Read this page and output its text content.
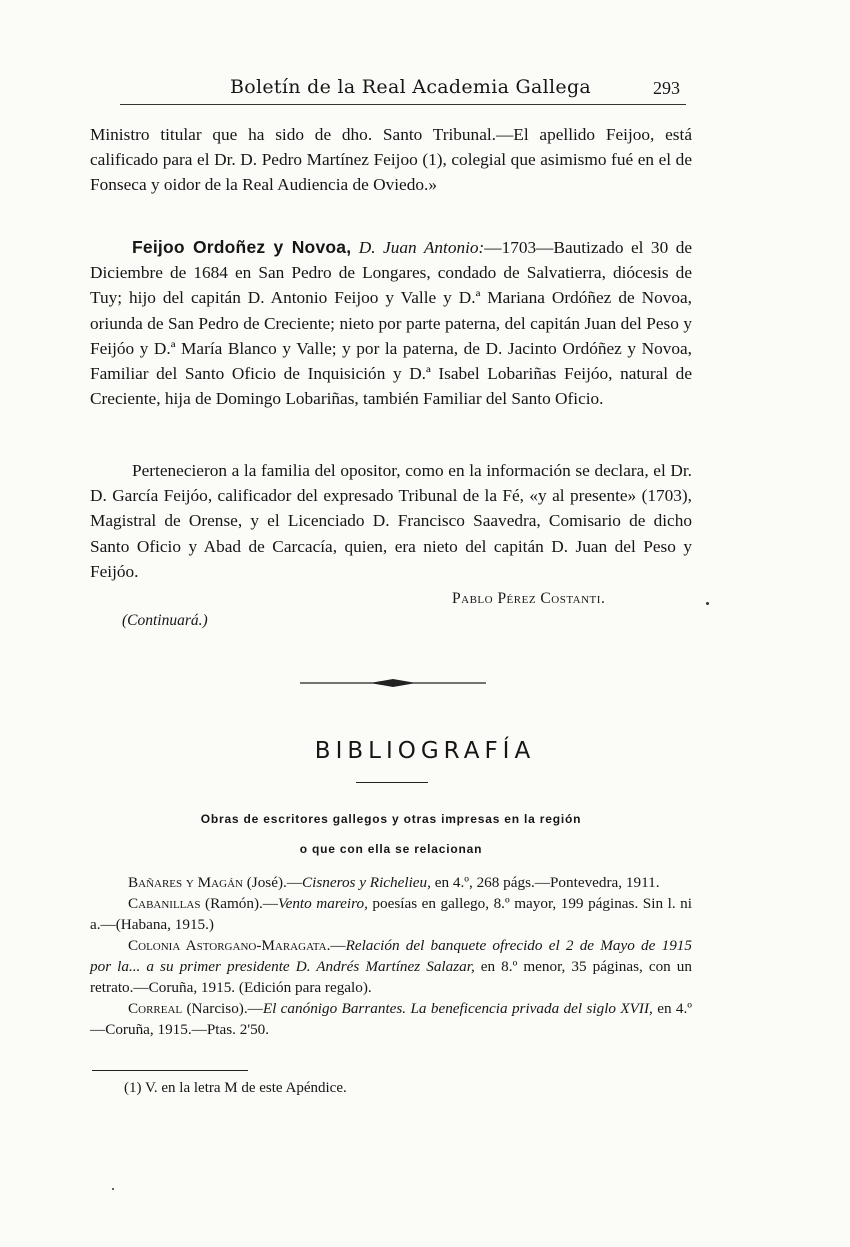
Boletín de la Real Academia Gallega	293
Ministro titular que ha sido de dho. Santo Tribunal.—El apellido Feijoo, está calificado para el Dr. D. Pedro Martínez Feijoo (1), colegial que asimismo fué en el de Fonseca y oidor de la Real Audiencia de Oviedo.»
Feijoo Ordoñez y Novoa, D. Juan Antonio:—1703—Bautizado el 30 de Diciembre de 1684 en San Pedro de Longares, condado de Salvatierra, diócesis de Tuy; hijo del capitán D. Antonio Feijoo y Valle y D.ª Mariana Ordóñez de Novoa, oriunda de San Pedro de Creciente; nieto por parte paterna, del capitán Juan del Peso y Feijóo y D.ª María Blanco y Valle; y por la paterna, de D. Jacinto Ordóñez y Novoa, Familiar del Santo Oficio de Inquisición y D.ª Isabel Lobariñas Feijóo, natural de Creciente, hija de Domingo Lobariñas, también Familiar del Santo Oficio.
Pertenecieron a la familia del opositor, como en la información se declara, el Dr. D. García Feijóo, calificador del expresado Tribunal de la Fé, «y al presente» (1703), Magistral de Orense, y el Licenciado D. Francisco Saavedra, Comisario de dicho Santo Oficio y Abad de Carcacía, quien, era nieto del capitán D. Juan del Peso y Feijóo.
Pablo Pérez Costanti.
(Continuará.)
BIBLIOGRAFÍA
Obras de escritores gallegos y otras impresas en la región
o que con ella se relacionan
Bañares y Magán (José).—Cisneros y Richelieu, en 4.º, 268 págs.—Pontevedra, 1911.
Cabanillas (Ramón).—Vento mareiro, poesías en gallego, 8.º mayor, 199 páginas. Sin l. ni a.—(Habana, 1915.)
Colonia Astorgano-Maragata.—Relación del banquete ofrecido el 2 de Mayo de 1915 por la... a su primer presidente D. Andrés Martínez Salazar, en 8.º menor, 35 páginas, con un retrato.—Coruña, 1915. (Edición para regalo).
Correal (Narciso).—El canónigo Barrantes. La beneficencia privada del siglo XVII, en 4.º—Coruña, 1915.—Ptas. 2'50.
(1) V. en la letra M de este Apéndice.
